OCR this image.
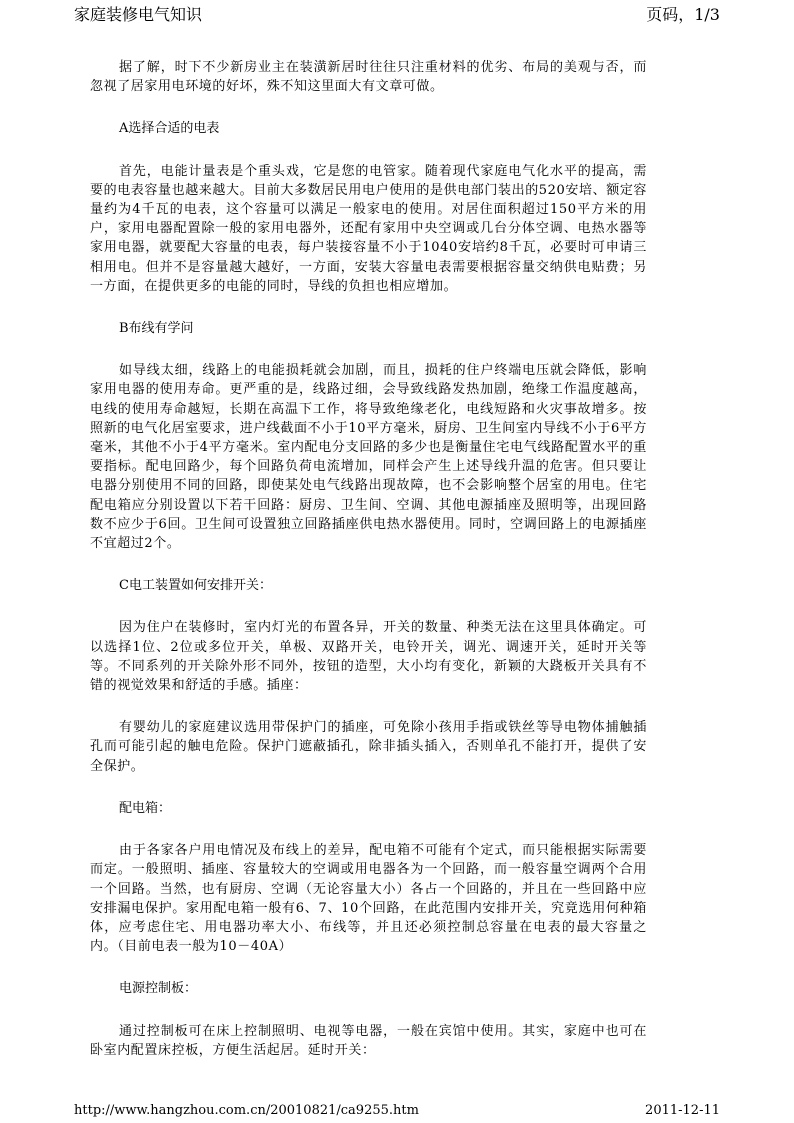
家庭装修电气知识	页码，1/3

据了解，时下不少新房业主在装潢新居时往往只注重材料的优劣、布局的美观与否，而忽视了居家用电环境的好坏，殊不知这里面大有文章可做。

A选择合适的电表

首先，电能计量表是个重头戏，它是您的电管家。随着现代家庭电气化水平的提高，需要的电表容量也越来越大。目前大多数居民用电户使用的是供电部门装出的520安培、额定容量约为4千瓦的电表，这个容量可以满足一般家电的使用。对居住面积超过150平方米的用户，家用电器配置除一般的家用电器外，还配有家用中央空调或几台分体空调、电热水器等家用电器，就要配大容量的电表，每户装接容量不小于1040安培约8千瓦，必要时可申请三相用电。但并不是容量越大越好，一方面，安装大容量电表需要根据容量交纳供电贴费；另一方面，在提供更多的电能的同时，导线的负担也相应增加。

B布线有学问

如导线太细，线路上的电能损耗就会加剧，而且，损耗的住户终端电压就会降低，影响家用电器的使用寿命。更严重的是，线路过细，会导致线路发热加剧，绝缘工作温度越高，电线的使用寿命越短，长期在高温下工作，将导致绝缘老化，电线短路和火灾事故增多。按照新的电气化居室要求，进户线截面不小于10平方毫米，厨房、卫生间室内导线不小于6平方毫米，其他不小于4平方毫米。室内配电分支回路的多少也是衡量住宅电气线路配置水平的重要指标。配电回路少，每个回路负荷电流增加，同样会产生上述导线升温的危害。但只要让电器分别使用不同的回路，即使某处电气线路出现故障，也不会影响整个居室的用电。住宅配电箱应分别设置以下若干回路：厨房、卫生间、空调、其他电源插座及照明等，出现回路数不应少于6回。卫生间可设置独立回路插座供电热水器使用。同时，空调回路上的电源插座不宜超过2个。

C电工装置如何安排开关：

因为住户在装修时，室内灯光的布置各异，开关的数量、种类无法在这里具体确定。可以选择1位、2位或多位开关，单极、双路开关，电铃开关，调光、调速开关，延时开关等等。不同系列的开关除外形不同外，按钮的造型，大小均有变化，新颖的大跷板开关具有不错的视觉效果和舒适的手感。插座：

有婴幼儿的家庭建议选用带保护门的插座，可免除小孩用手指或铁丝等导电物体捕触插孔而可能引起的触电危险。保护门遮蔽插孔，除非插头插入，否则单孔不能打开，提供了安全保护。

配电箱：

由于各家各户用电情况及布线上的差异，配电箱不可能有个定式，而只能根据实际需要而定。一般照明、插座、容量较大的空调或用电器各为一个回路，而一般容量空调两个合用一个回路。当然，也有厨房、空调（无论容量大小）各占一个回路的，并且在一些回路中应安排漏电保护。家用配电箱一般有6、7、10个回路，在此范围内安排开关，究竟选用何种箱体，应考虑住宅、用电器功率大小、布线等，并且还必须控制总容量在电表的最大容量之内。（目前电表一般为10－40A）

电源控制板：

通过控制板可在床上控制照明、电视等电器，一般在宾馆中使用。其实，家庭中也可在卧室内配置床控板，方便生活起居。延时开关：

http://www.hangzhou.com.cn/20010821/ca9255.htm	2011-12-11
